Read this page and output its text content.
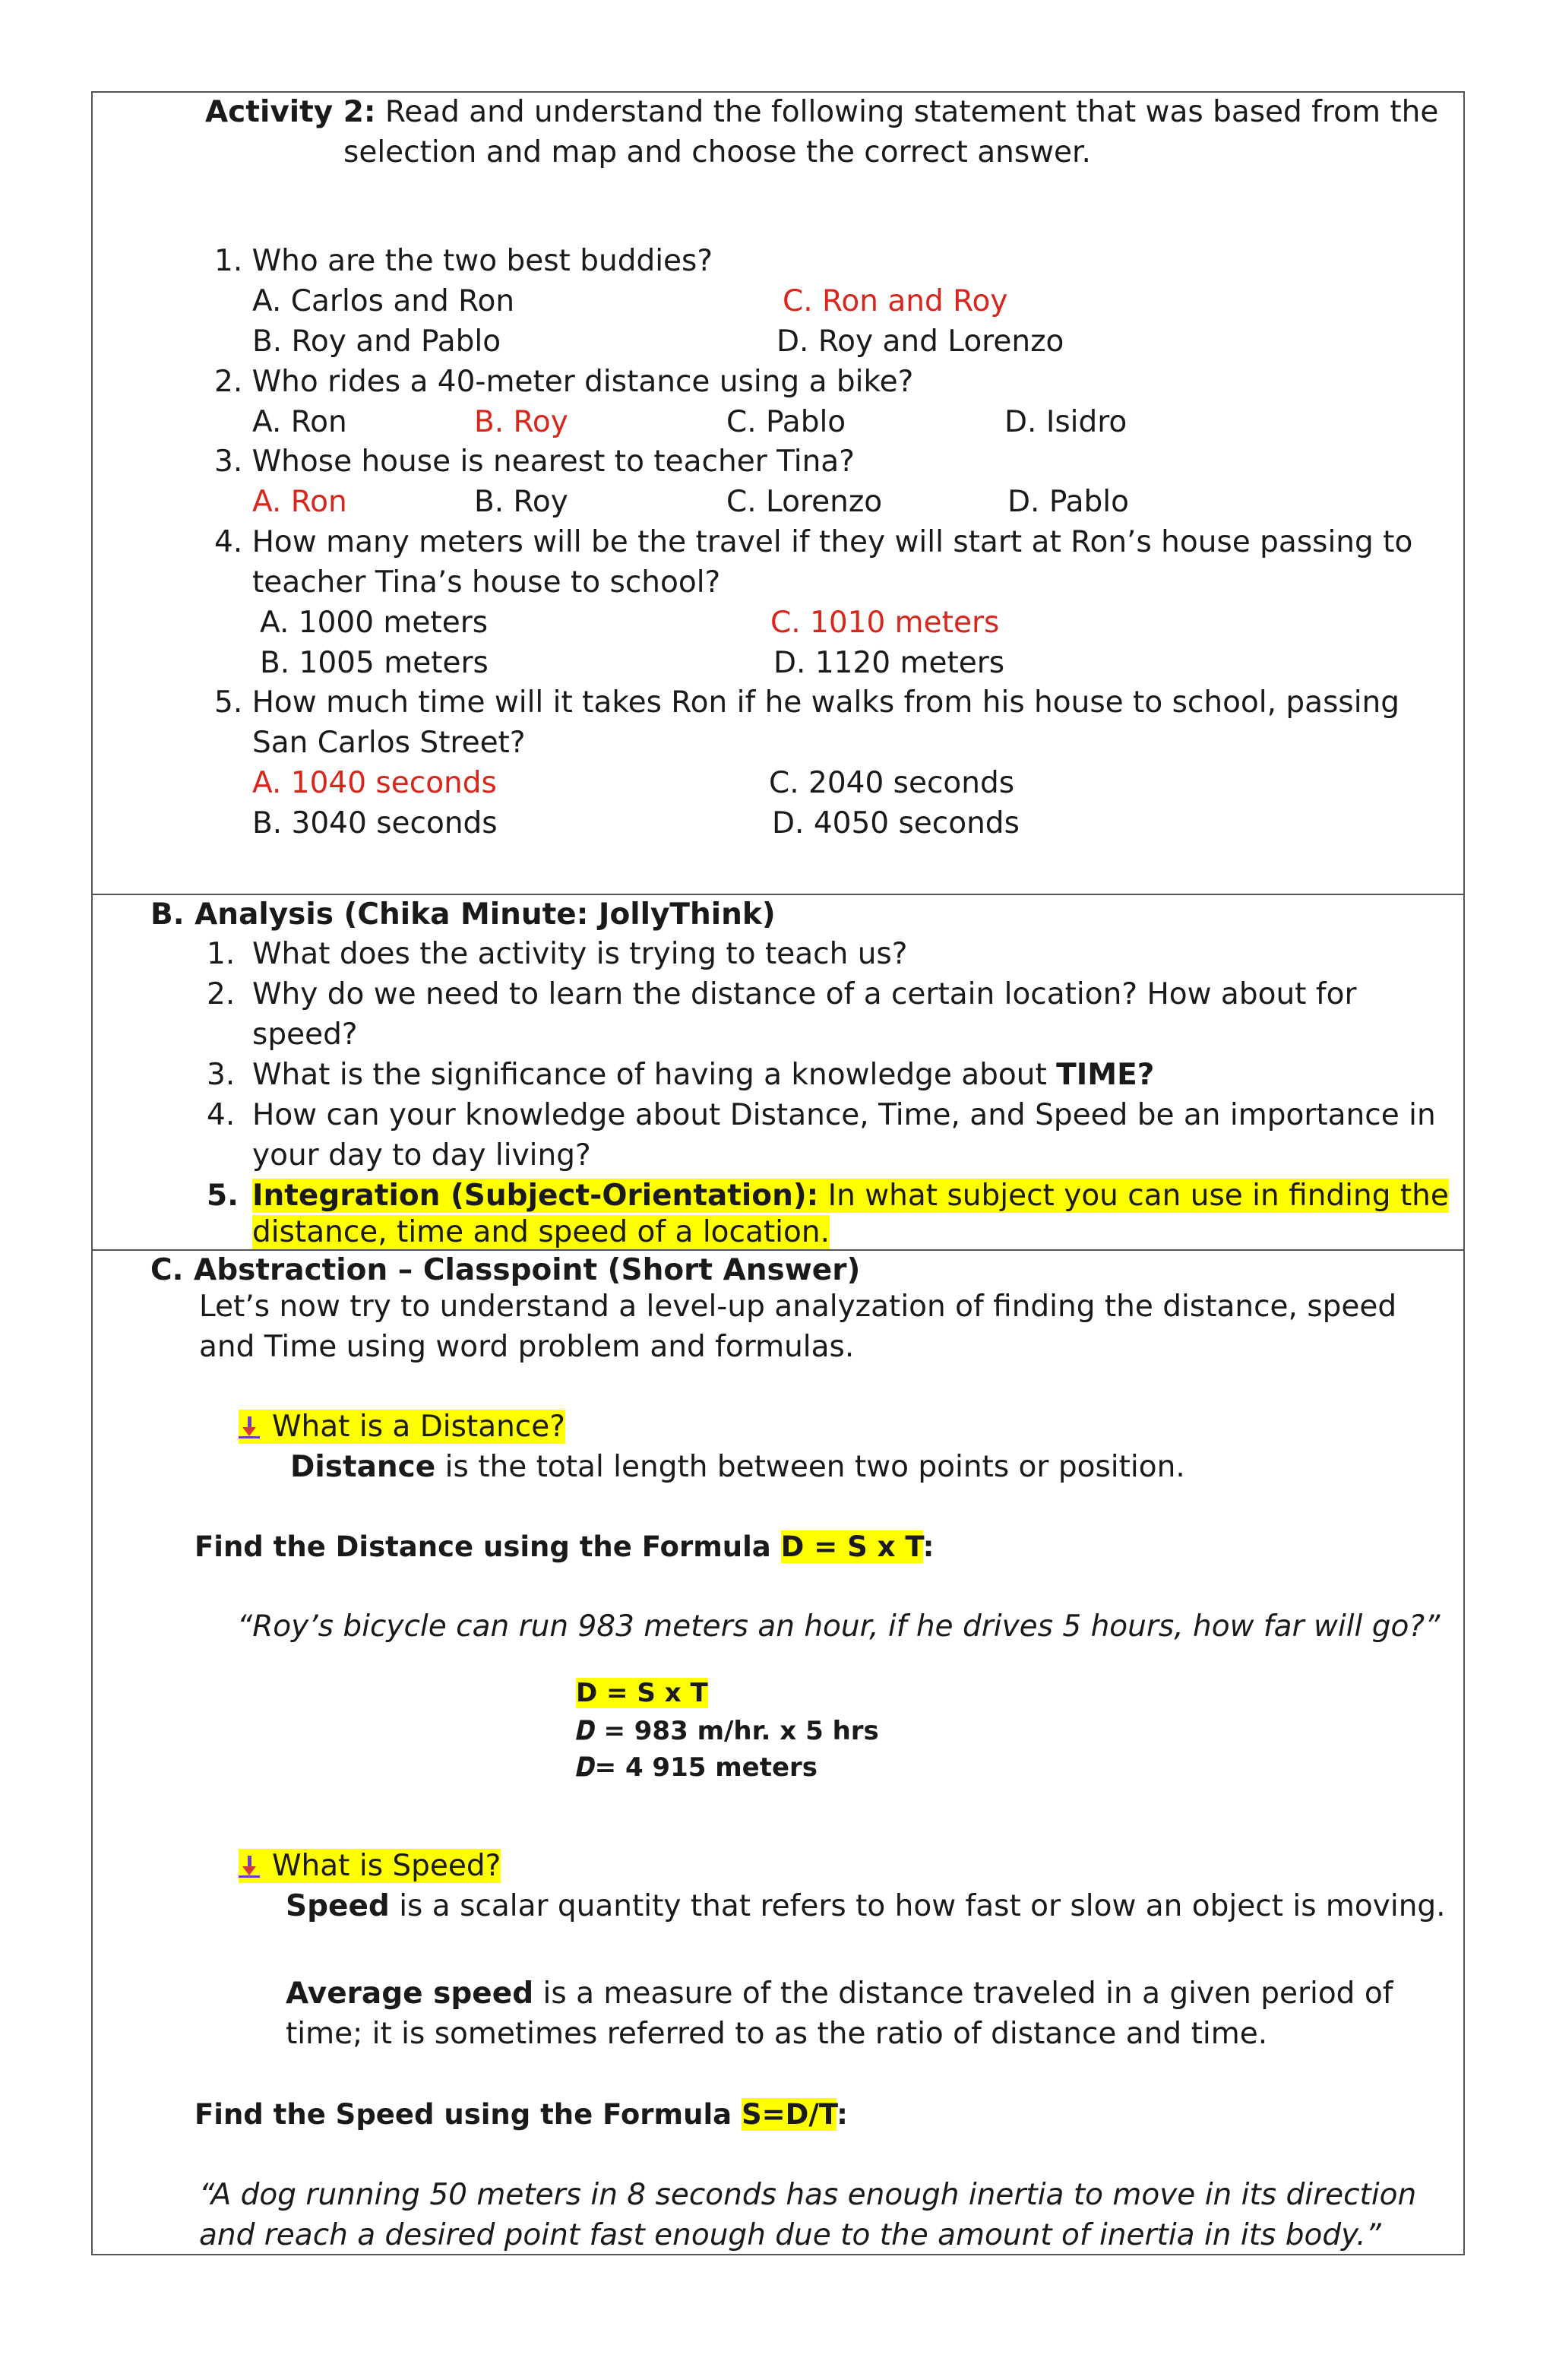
Activity 2: Read and understand the following statement that was based from the
selection and map and choose the correct answer.
1. Who are the two best buddies?
A. Carlos and Ron	C. Ron and Roy
B. Roy and Pablo	D. Roy and Lorenzo
2. Who rides a 40-meter distance using a bike?
A. Ron	B. Roy	C. Pablo	D. Isidro
3. Whose house is nearest to teacher Tina?
A. Ron	B. Roy	C. Lorenzo	D. Pablo
4. How many meters will be the travel if they will start at Ron’s house passing to
teacher Tina’s house to school?
A. 1000 meters	C. 1010 meters
B. 1005 meters	D. 1120 meters
5. How much time will it takes Ron if he walks from his house to school, passing
San Carlos Street?
A. 1040 seconds	C. 2040 seconds
B. 3040 seconds	D. 4050 seconds
B. Analysis (Chika Minute: JollyThink)
1. What does the activity is trying to teach us?
2. Why do we need to learn the distance of a certain location? How about for
speed?
3. What is the significance of having a knowledge about TIME?
4. How can your knowledge about Distance, Time, and Speed be an importance in
your day to day living?
5. Integration (Subject-Orientation): In what subject you can use in finding the
distance, time and speed of a location.
C. Abstraction – Classpoint (Short Answer)
Let’s now try to understand a level-up analyzation of finding the distance, speed
and Time using word problem and formulas.
What is a Distance?
Distance is the total length between two points or position.
Find the Distance using the Formula D = S x T:
“Roy’s bicycle can run 983 meters an hour, if he drives 5 hours, how far will go?”
D = S x T
𝑫 = 983 m/hr. x 5 hrs
𝑫= 4 915 meters
What is Speed?
Speed is a scalar quantity that refers to how fast or slow an object is moving.
Average speed is a measure of the distance traveled in a given period of
time; it is sometimes referred to as the ratio of distance and time.
Find the Speed using the Formula S=D/T:
“A dog running 50 meters in 8 seconds has enough inertia to move in its direction
and reach a desired point fast enough due to the amount of inertia in its body.”
